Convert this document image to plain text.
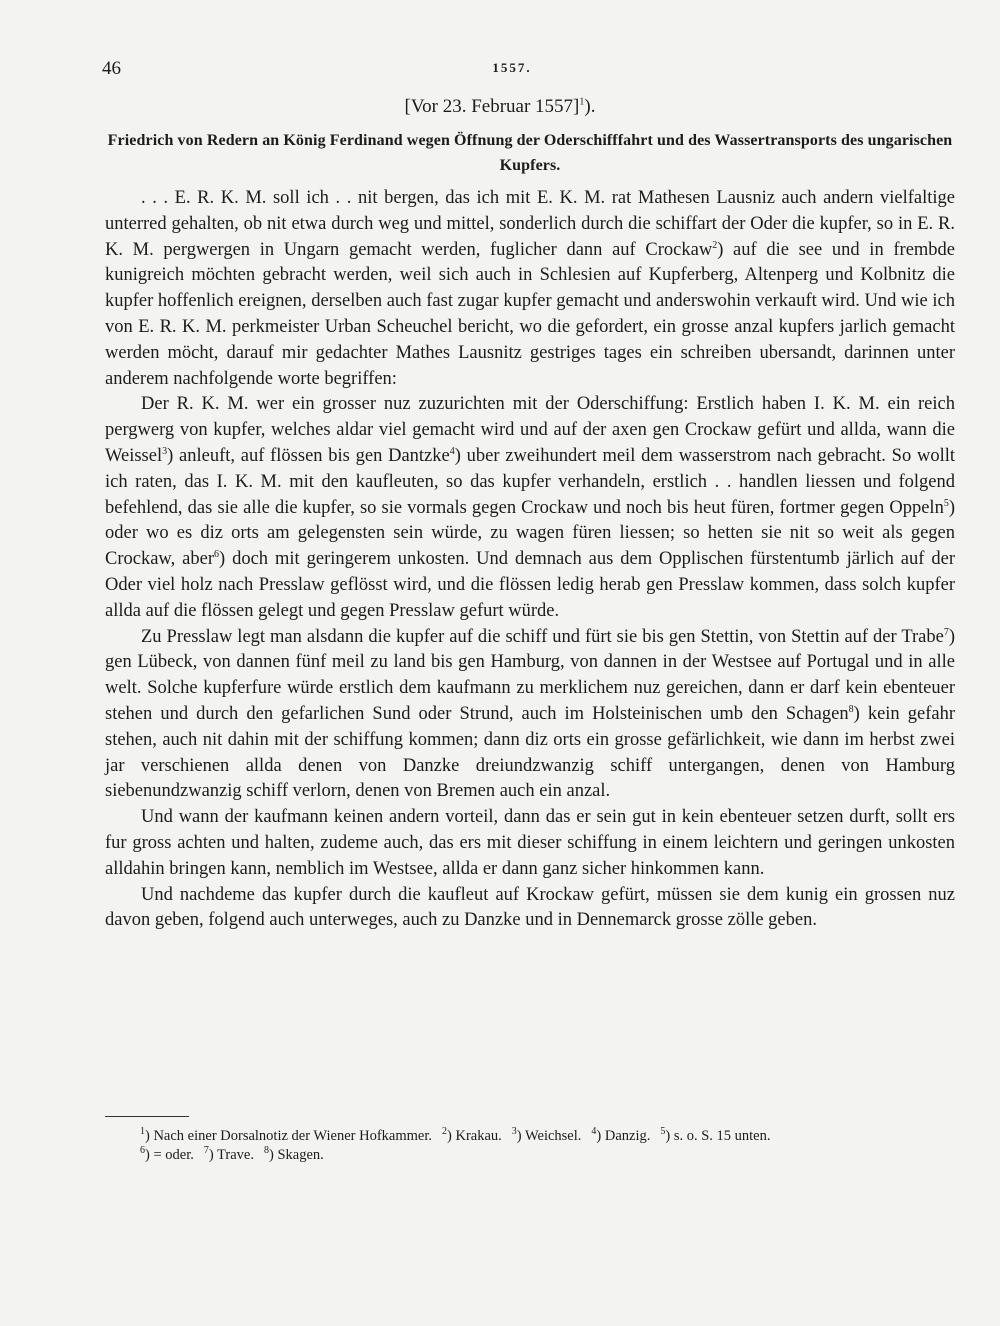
46	1557.
[Vor 23. Februar 1557]$^1$).
Friedrich von Redern an König Ferdinand wegen Öffnung der Oderschifffahrt und des Wassertransports des ungarischen Kupfers.

. . . E. R. K. M. soll ich . . nit bergen, das ich mit E. K. M. rat Mathesen Lausniz auch andern vielfaltige unterred gehalten, ob nit etwa durch weg und mittel, sonderlich durch die schiffart der Oder die kupfer, so in E. R. K. M. pergwergen in Ungarn gemacht werden, fuglicher dann auf Crockaw$^2$) auf die see und in frembde kunigreich möchten gebracht werden, weil sich auch in Schlesien auf Kupferberg, Altenperg und Kolbnitz die kupfer hoffenlich ereignen, derselben auch fast zugar kupfer gemacht und anderswohin verkauft wird. Und wie ich von E. R. K. M. perkmeister Urban Scheuchel bericht, wo die gefordert, ein grosse anzal kupfers jarlich gemacht werden möcht, darauf mir gedachter Mathes Lausnitz gestriges tages ein schreiben ubersandt, darinnen unter anderem nachfolgende worte begriffen:

Der R. K. M. wer ein grosser nuz zuzurichten mit der Oderschiffung: Erstlich haben I. K. M. ein reich pergwerg von kupfer, welches aldar viel gemacht wird und auf der axen gen Crockaw gefürt und allda, wann die Weissel$^3$) anleuft, auf flössen bis gen Dantzke$^4$) uber zweihundert meil dem wasserstrom nach gebracht. So wollt ich raten, das I. K. M. mit den kaufleuten, so das kupfer verhandeln, erstlich . . handlen liessen und folgend befehlend, das sie alle die kupfer, so sie vormals gegen Crockaw und noch bis heut füren, fortmer gegen Oppeln$^5$) oder wo es diz orts am gelegensten sein würde, zu wagen füren liessen; so hetten sie nit so weit als gegen Crockaw, aber$^6$) doch mit geringerem unkosten. Und demnach aus dem Opplischen fürstentumb järlich auf der Oder viel holz nach Presslaw geflösst wird, und die flössen ledig herab gen Presslaw kommen, dass solch kupfer allda auf die flössen gelegt und gegen Presslaw gefurt würde.

Zu Presslaw legt man alsdann die kupfer auf die schiff und fürt sie bis gen Stettin, von Stettin auf der Trabe$^7$) gen Lübeck, von dannen fünf meil zu land bis gen Hamburg, von dannen in der Westsee auf Portugal und in alle welt. Solche kupferfure würde erstlich dem kaufmann zu merklichem nuz gereichen, dann er darf kein ebenteuer stehen und durch den gefarlichen Sund oder Strund, auch im Holsteinischen umb den Schagen$^8$) kein gefahr stehen, auch nit dahin mit der schiffung kommen; dann diz orts ein grosse gefärlichkeit, wie dann im herbst zwei jar verschienen allda denen von Danzke dreiundzwanzig schiff untergangen, denen von Hamburg siebenundzwanzig schiff verlorn, denen von Bremen auch ein anzal.

Und wann der kaufmann keinen andern vorteil, dann das er sein gut in kein ebenteuer setzen durft, sollt ers fur gross achten und halten, zudeme auch, das ers mit dieser schiffung in einem leichtern und geringen unkosten alldahin bringen kann, nemblich im Westsee, allda er dann ganz sicher hinkommen kann.

Und nachdeme das kupfer durch die kaufleut auf Krockaw gefürt, müssen sie dem kunig ein grossen nuz davon geben, folgend auch unterweges, auch zu Danzke und in Dennemarck grosse zölle geben.

$^1$) Nach einer Dorsalnotiz der Wiener Hofkammer. $^2$) Krakau. $^3$) Weichsel. $^4$) Danzig. $^5$) s. o. S. 15 unten.
$^6$) = oder. $^7$) Trave. $^8$) Skagen.
